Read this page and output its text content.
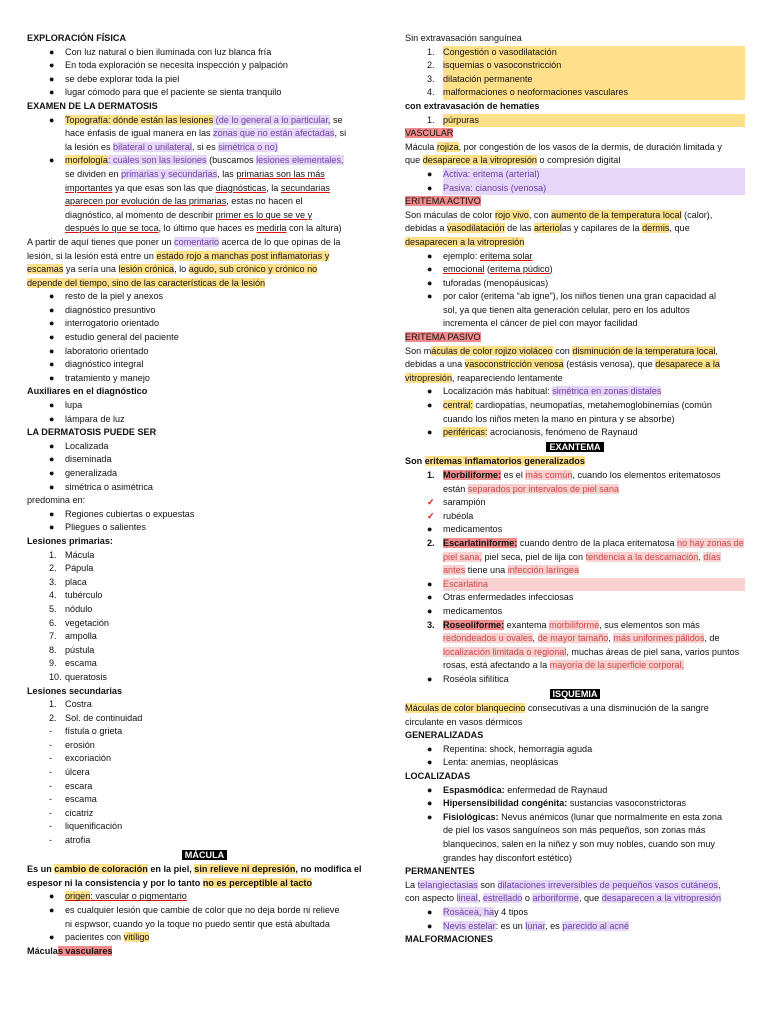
EXPLORACIÓN FÍSICA
●	Con luz natural o bien iluminada con luz blanca fría
●	En toda exploración se necesita inspección y palpación
●	se debe explorar toda la piel
●	lugar cómodo para que el paciente se sienta tranquilo
EXAMEN DE LA DERMATOSIS
●	Topografía: dónde están las lesiones (de lo general a lo particular, se
hace énfasis de igual manera en las zonas que no están afectadas, si
la lesión es bilateral o unilateral, si es simétrica o no)
●	morfología: cuáles son las lesiones (buscamos lesiones elementales,
se dividen en primarias y secundarias, las primarias son las más
importantes ya que esas son las que diagnósticas, la secundarias
aparecen por evolución de las primarias, estas no hacen el
diagnóstico, al momento de describir primer es lo que se ve y
después lo que se toca, lo último que haces es medirla con la altura)
A partir de aquí tienes que poner un comentario acerca de lo que opinas de la
lesión, si la lesión está entre un estado rojo a manchas post inflamatorias y
escamas ya sería una lesión crónica, lo agudo, sub crónico y crónico no
depende del tiempo, sino de las características de la lesión
●	resto de la piel y anexos
●	diagnóstico presuntivo
●	interrogatorio orientado
●	estudio general del paciente
●	laboratorio orientado
●	diagnóstico integral
●	tratamiento y manejo
Auxiliares en el diagnóstico
●	lupa
●	lámpara de luz
LA DERMATOSIS PUEDE SER
●	Localizada
●	diseminada
●	generalizada
●	simétrica o asimétrica
predomina en:
●	Regiones cubiertas o expuestas
●	Pliegues o salientes
Lesiones primarias:
1. Mácula
2. Pápula
3. placa
4. tubérculo
5. nódulo
6. vegetación
7. ampolla
8. pústula
9. escama
10. queratosis
Lesiones secundarias
1. Costra
2. Sol. de continuidad
-	fístula o grieta
-	erosión
-	excoriación
-	úlcera
-	escara
-	escama
-	cicatriz
-	liquenificación
-	atrofia
MÁCULA
Es un cambio de coloración en la piel, sin relieve ni depresión, no modifica el
espesor ni la consistencia y por lo tanto no es perceptible al tacto
●	origen: vascular o pigmentario
●	es cualquier lesión que cambie de color que no deja borde ni relieve
ni espwsor, cuando yo la toque no puedo sentir que está abultada
●	pacientes con vitíligo
Máculas vasculares
Sin extravasación sanguínea
1. Congestión o vasodilatación
2. isquemias o vasoconstricción
3. dilatación permanente
4. malformaciones o neoformaciones vasculares
con extravasación de hematíes
1. púrpuras
VASCULAR
Mácula rojiza, por congestión de los vasos de la dermis, de duración limitada y
que desaparece a la vitropresión o compresión digital
●	Activa: eritema (arterial)
●	Pasiva: cianosis (venosa)
ERITEMA ACTIVO
Son máculas de color rojo vivo, con aumento de la temperatura local (calor),
debidas a vasodilatación de las arteriolas y capilares de la dermis, que
desaparecen a la vitropresión
●	ejemplo: eritema solar
●	emocional (eritema púdico)
●	tuforadas (menopáusicas)
●	por calor (eritema “ab igne”), los niños tienen una gran capacidad al
sol, ya que tienen alta generación celular, pero en los adultos
incrementa el cáncer de piel con mayor facilidad
ERITEMA PASIVO
Son máculas de color rojizo violáceo con disminución de la temperatura local,
debidas a una vasoconstricción venosa (estásis venosa), que desaparece a la
vitropresión, reapareciendo lentamente
●	Localización más habitual: simétrica en zonas distales
●	central: cardiopatías, neumopatías, metahemoglobinemias (común
cuando los niños meten la mano en pintura y se absorbe)
●	periféricas: acrocianosis, fenómeno de Raynaud
EXANTEMA
Son eritemas inflamatorios generalizados
1. Morbiliforme: es el más común, cuando los elementos eritematosos
están separados por intervalos de piel sana
✓ sarampión
✓ rubéola
●	medicamentos
2. Escarlatiniforme: cuando dentro de la placa eritematosa no hay zonas de
piel sana, piel seca, piel de lija con tendencia a la descamación, días
antes tiene una infección laríngea
●	Escarlatina
●	Otras enfermedades infecciosas
●	medicamentos
3. Roseoliforme: exantema morbiliforme, sus elementos son más
redondeados u ovales, de mayor tamaño, más uniformes pálidos, de
localización limitada o regional, muchas áreas de piel sana, varios puntos
rosas, está afectando a la mayoría de la superficie corporal,
●	Roséola sifilítica
ISQUEMIA
Máculas de color blanquecino consecutivas a una disminución de la sangre
circulante en vasos dérmicos
GENERALIZADAS
●	Repentina: shock, hemorragia aguda
●	Lenta: anemias, neoplásicas
LOCALIZADAS
●	Espasmódica: enfermedad de Raynaud
●	Hipersensibilidad congénita: sustancias vasoconstrictoras
●	Fisiológicas: Nevus anémicos (lunar que normalmente en esta zona
de piel los vasos sanguíneos son más pequeños, son zonas más
blanquecinos, salen en la niñez y son muy nobles, cuando son muy
grandes hay disconfort estético)
PERMANENTES
La telangiectasias son dilataciones irreversibles de pequeños vasos cutáneos,
con aspecto lineal, estrellado o arboriforme, que desaparecen a la vitropresión
●	Rosácea, hay 4 tipos
●	Nevis estelar: es un lunar, es parecido al acné
MALFORMACIONES
